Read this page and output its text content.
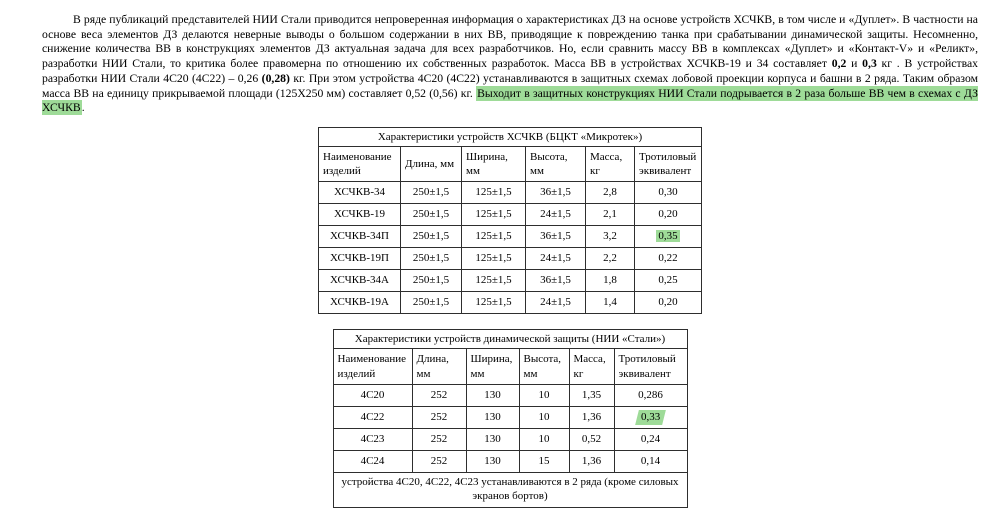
В ряде публикаций представителей НИИ Стали приводится непроверенная информация о характеристиках ДЗ на основе устройств ХСЧКВ, в том числе и «Дуплет». В частности на основе веса элементов ДЗ делаются неверные выводы о большом содержании в них ВВ, приводящие к повреждению танка при срабатывании динамической защиты. Несомненно, снижение количества ВВ в конструкциях элементов ДЗ актуальная задача для всех разработчиков. Но, если сравнить массу ВВ в комплексах «Дуплет» и «Контакт-V» и «Реликт», разработки НИИ Стали, то критика более правомерна по отношению их собственных разработок. Масса ВВ в устройствах ХСЧКВ-19 и 34 составляет 0,2 и 0,3 кг . В устройствах разработки НИИ Стали 4С20 (4С22) – 0,26 (0,28) кг. При этом устройства 4С20 (4С22) устанавливаются в защитных схемах лобовой проекции корпуса и башни в 2 ряда. Таким образом масса ВВ на единицу прикрываемой площади (125Х250 мм) составляет 0,52 (0,56) кг. Выходит в защитных конструкциях НИИ Стали подрывается в 2 раза больше ВВ чем в схемах с ДЗ ХСЧКВ.

Характеристики устройств ХСЧКВ (БЦКТ «Микротек»)					
Наименование изделий	Длина, мм	Ширина, мм	Высота, мм	Масса, кг	Тротиловый эквивалент
ХСЧКВ-34	250±1,5	125±1,5	36±1,5	2,8	0,30
ХСЧКВ-19	250±1,5	125±1,5	24±1,5	2,1	0,20
ХСЧКВ-34П	250±1,5	125±1,5	36±1,5	3,2	0,35
ХСЧКВ-19П	250±1,5	125±1,5	24±1,5	2,2	0,22
ХСЧКВ-34А	250±1,5	125±1,5	36±1,5	1,8	0,25
ХСЧКВ-19А	250±1,5	125±1,5	24±1,5	1,4	0,20
Характеристики устройств динамической защиты (НИИ «Стали»)					
Наименование изделий	Длина, мм	Ширина, мм	Высота, мм	Масса, кг	Тротиловый эквивалент
4С20	252	130	10	1,35	0,286
4С22	252	130	10	1,36	0,33
4С23	252	130	10	0,52	0,24
4С24	252	130	15	1,36	0,14
устройства 4С20, 4С22, 4С23 устанавливаются в 2 ряда (кроме силовых экранов бортов)					
